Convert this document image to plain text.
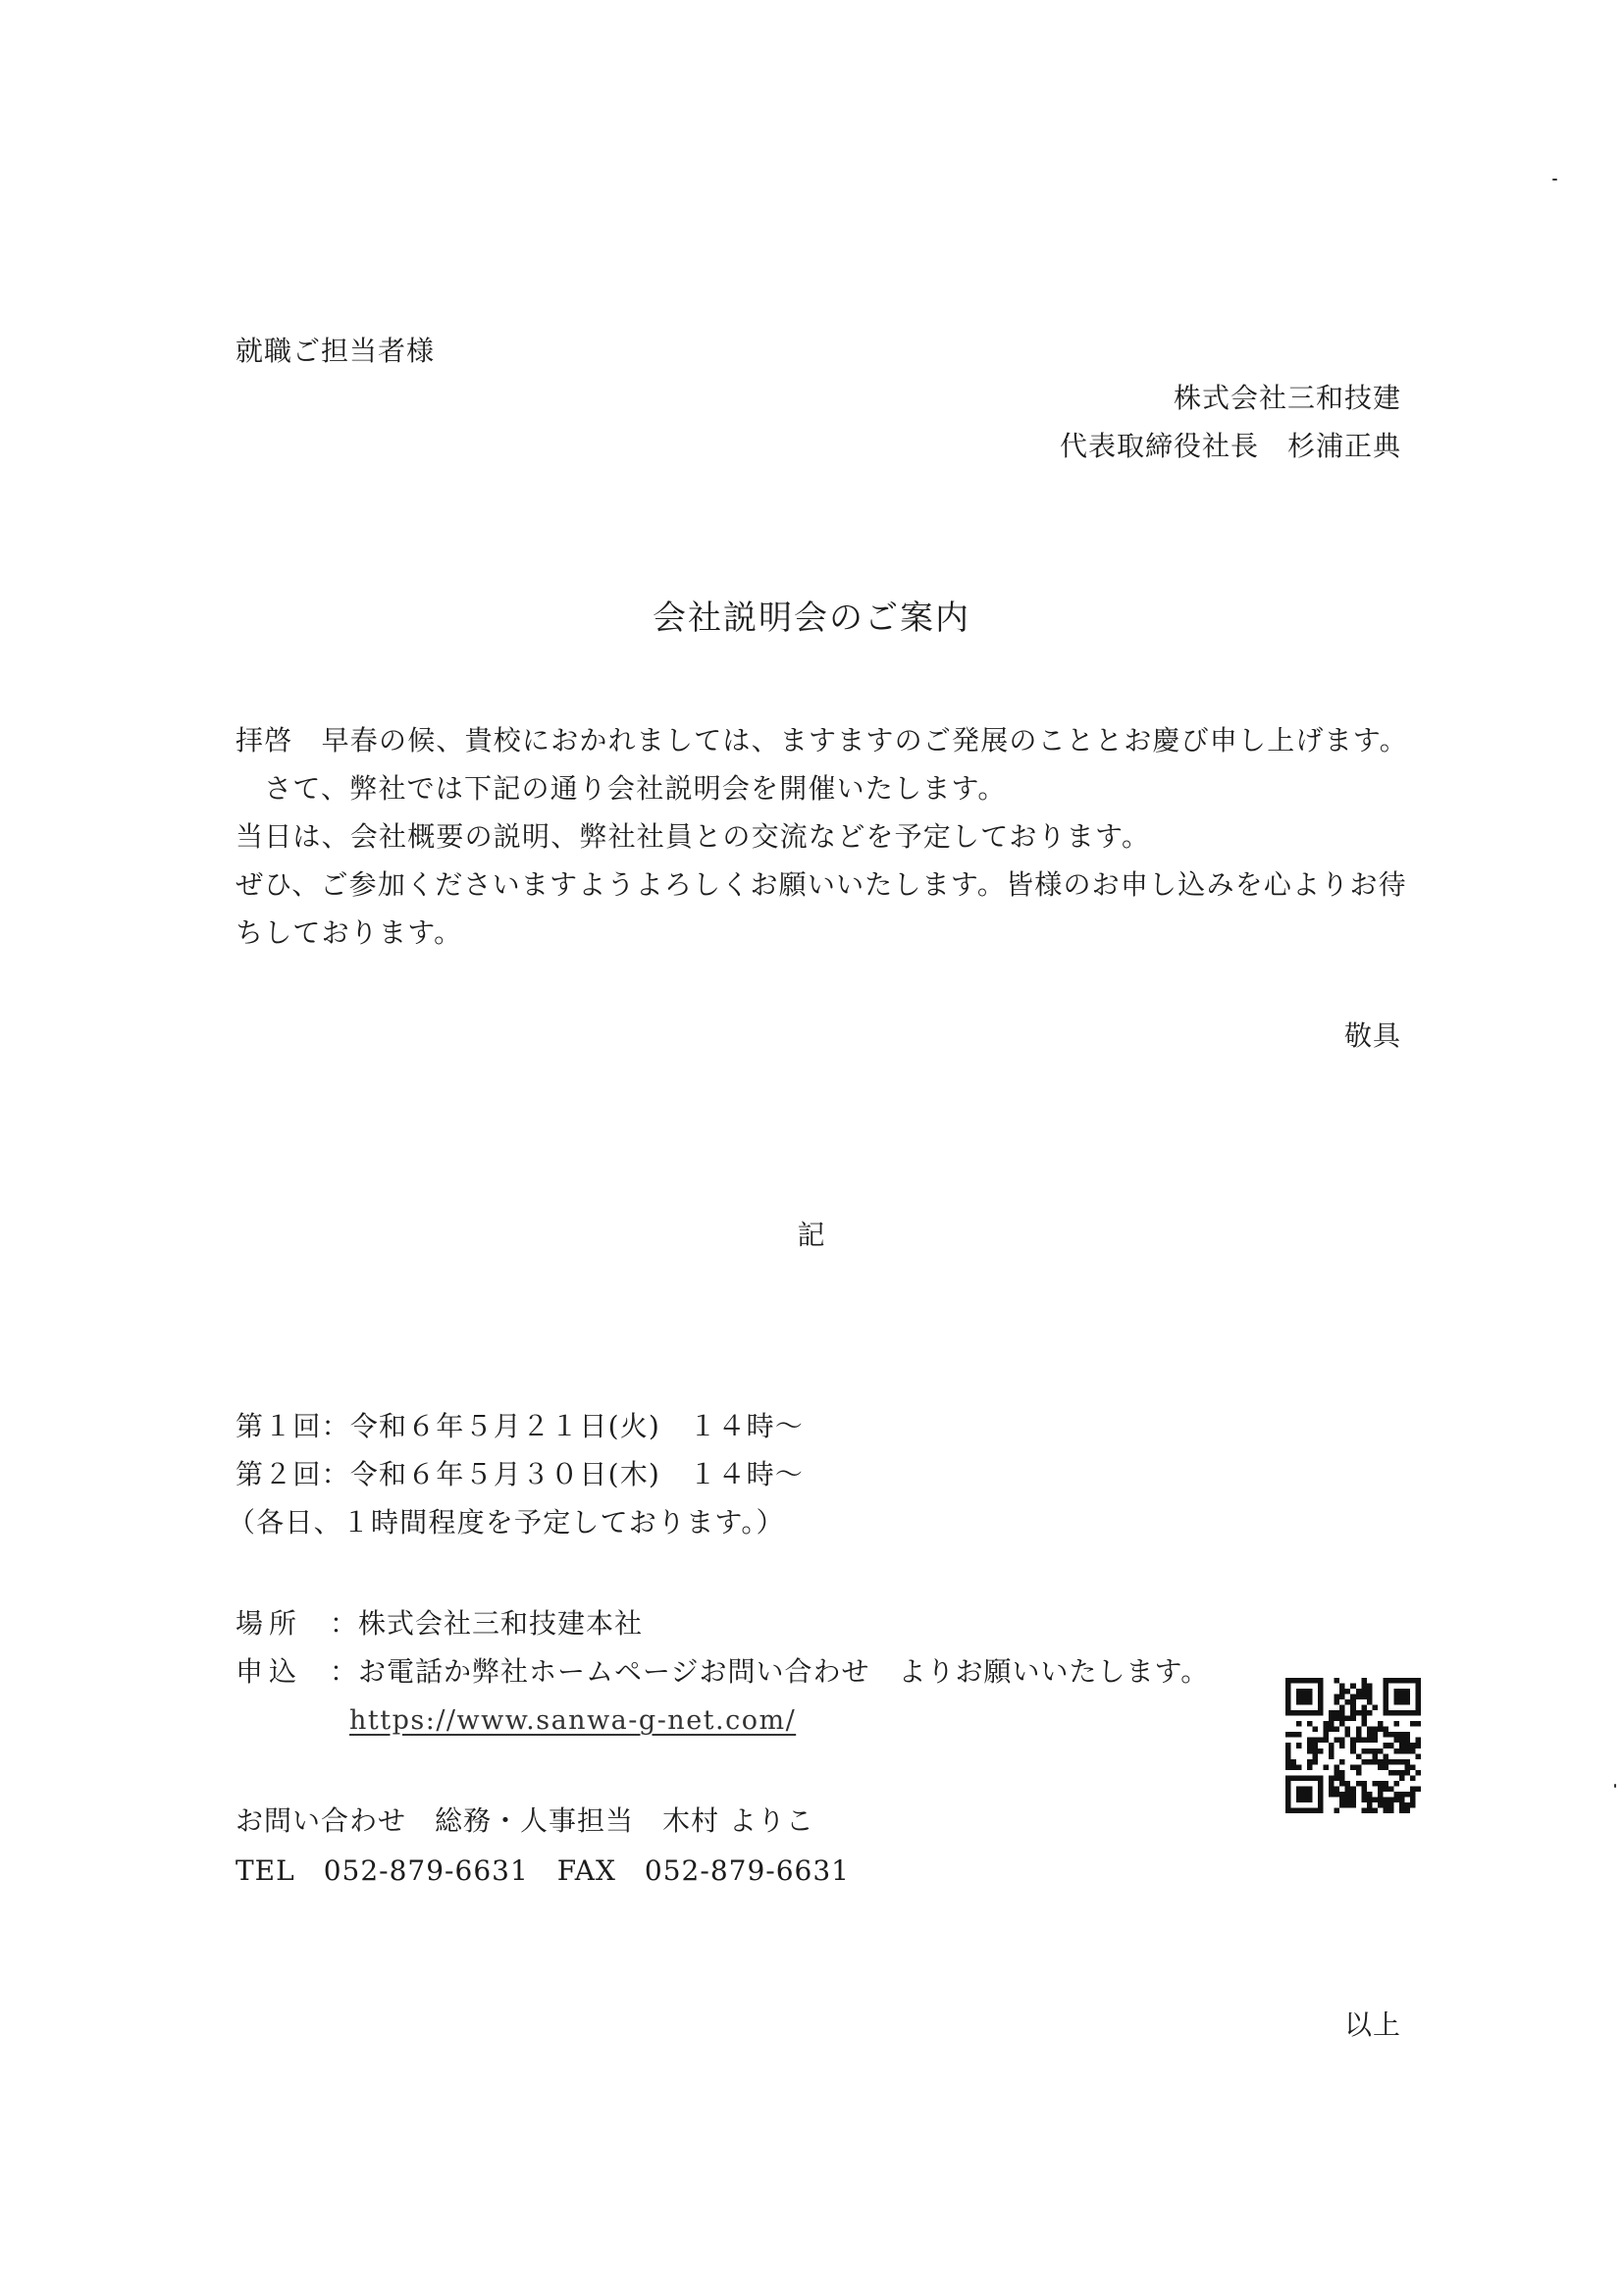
就職ご担当者様
株式会社三和技建
代表取締役社長　杉浦正典
会社説明会のご案内
拝啓　早春の候、貴校におかれましては、ますますのご発展のこととお慶び申し上げます。
　さて、弊社では下記の通り会社説明会を開催いたします。
当日は、会社概要の説明、弊社社員との交流などを予定しております。
ぜひ、ご参加くださいますようよろしくお願いいたします。皆様のお申し込みを心よりお待
ちしております。
敬具
記
第１回：令和６年５月２１日(火)　１４時～
第２回：令和６年５月３０日(木)　１４時～
（各日、１時間程度を予定しております。）
場所 ：株式会社三和技建本社
申込 ：お電話か弊社ホームページお問い合わせ　よりお願いいたします。
https://www.sanwa-g-net.com/
お問い合わせ　総務・人事担当　木村 よりこ
TEL　052-879-6631　FAX　052-879-6631
以上
